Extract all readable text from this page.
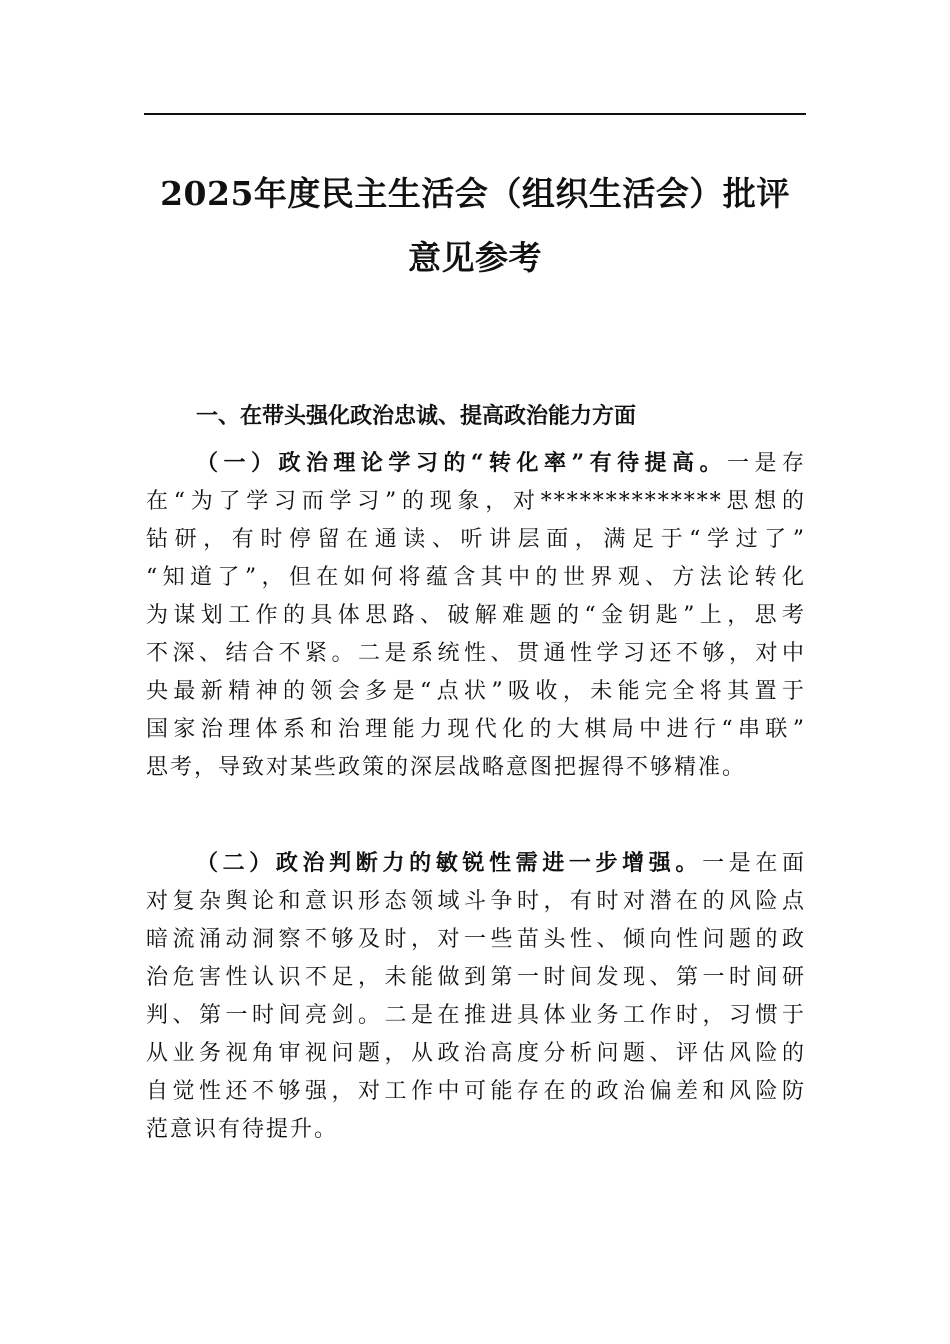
2025年度民主生活会（组织生活会）批评
意见参考
一、在带头强化政治忠诚、提高政治能力方面
（一）政治理论学习的“转化率”有待提高。一是存
在“为了学习而学习”的现象，对**************思想的
钻研，有时停留在通读、听讲层面，满足于“学过了”
“知道了”，但在如何将蕴含其中的世界观、方法论转化
为谋划工作的具体思路、破解难题的“金钥匙”上，思考
不深、结合不紧。二是系统性、贯通性学习还不够，对中
央最新精神的领会多是“点状”吸收，未能完全将其置于
国家治理体系和治理能力现代化的大棋局中进行“串联”
思考，导致对某些政策的深层战略意图把握得不够精准。
（二）政治判断力的敏锐性需进一步增强。一是在面
对复杂舆论和意识形态领域斗争时，有时对潜在的风险点
暗流涌动洞察不够及时，对一些苗头性、倾向性问题的政
治危害性认识不足，未能做到第一时间发现、第一时间研
判、第一时间亮剑。二是在推进具体业务工作时，习惯于
从业务视角审视问题，从政治高度分析问题、评估风险的
自觉性还不够强，对工作中可能存在的政治偏差和风险防
范意识有待提升。
